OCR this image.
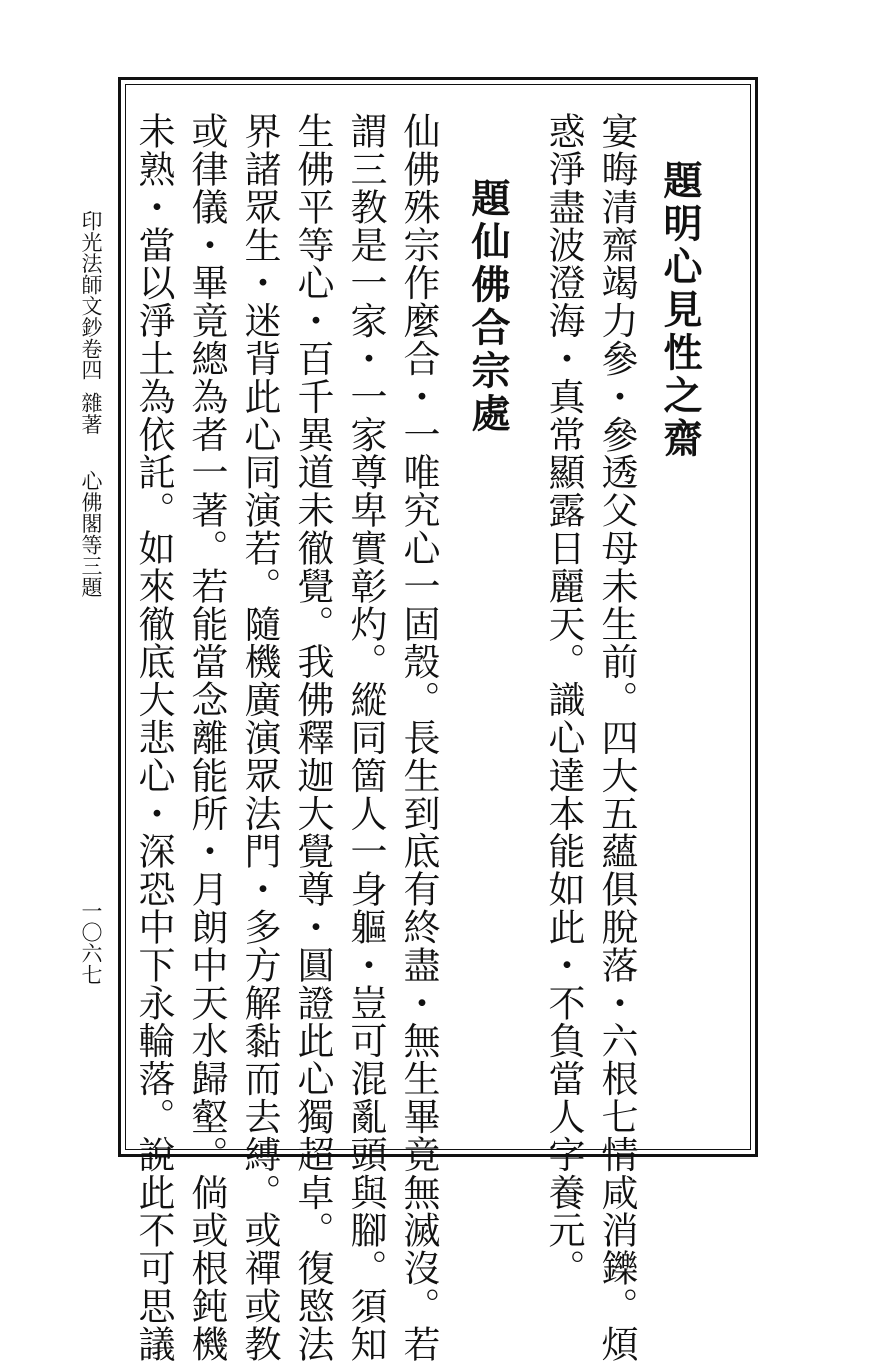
題明心見性之齋
宴晦清齋竭力參・參透父母未生前。四大五蘊俱脫落・六根七情咸消鑠。煩
惑淨盡波澄海・真常顯露日麗天。識心達本能如此・不負當人字養元。
題仙佛合宗處
仙佛殊宗作麼合・一唯究心一固殼。長生到底有終盡・無生畢竟無滅沒。若
謂三教是一家・一家尊卑實彰灼。縱同箇人一身軀・豈可混亂頭與腳。須知
生佛平等心・百千異道未徹覺。我佛釋迦大覺尊・圓證此心獨超卓。復愍法
界諸眾生・迷背此心同演若。隨機廣演眾法門・多方解黏而去縛。或禪或教
或律儀・畢竟總為者一著。若能當念離能所・月朗中天水歸壑。倘或根鈍機
未熟・當以淨土為依託。如來徹底大悲心・深恐中下永輪落。說此不可思議
印光法師文鈔卷四
雜著
心佛閣等三題
一〇六七
